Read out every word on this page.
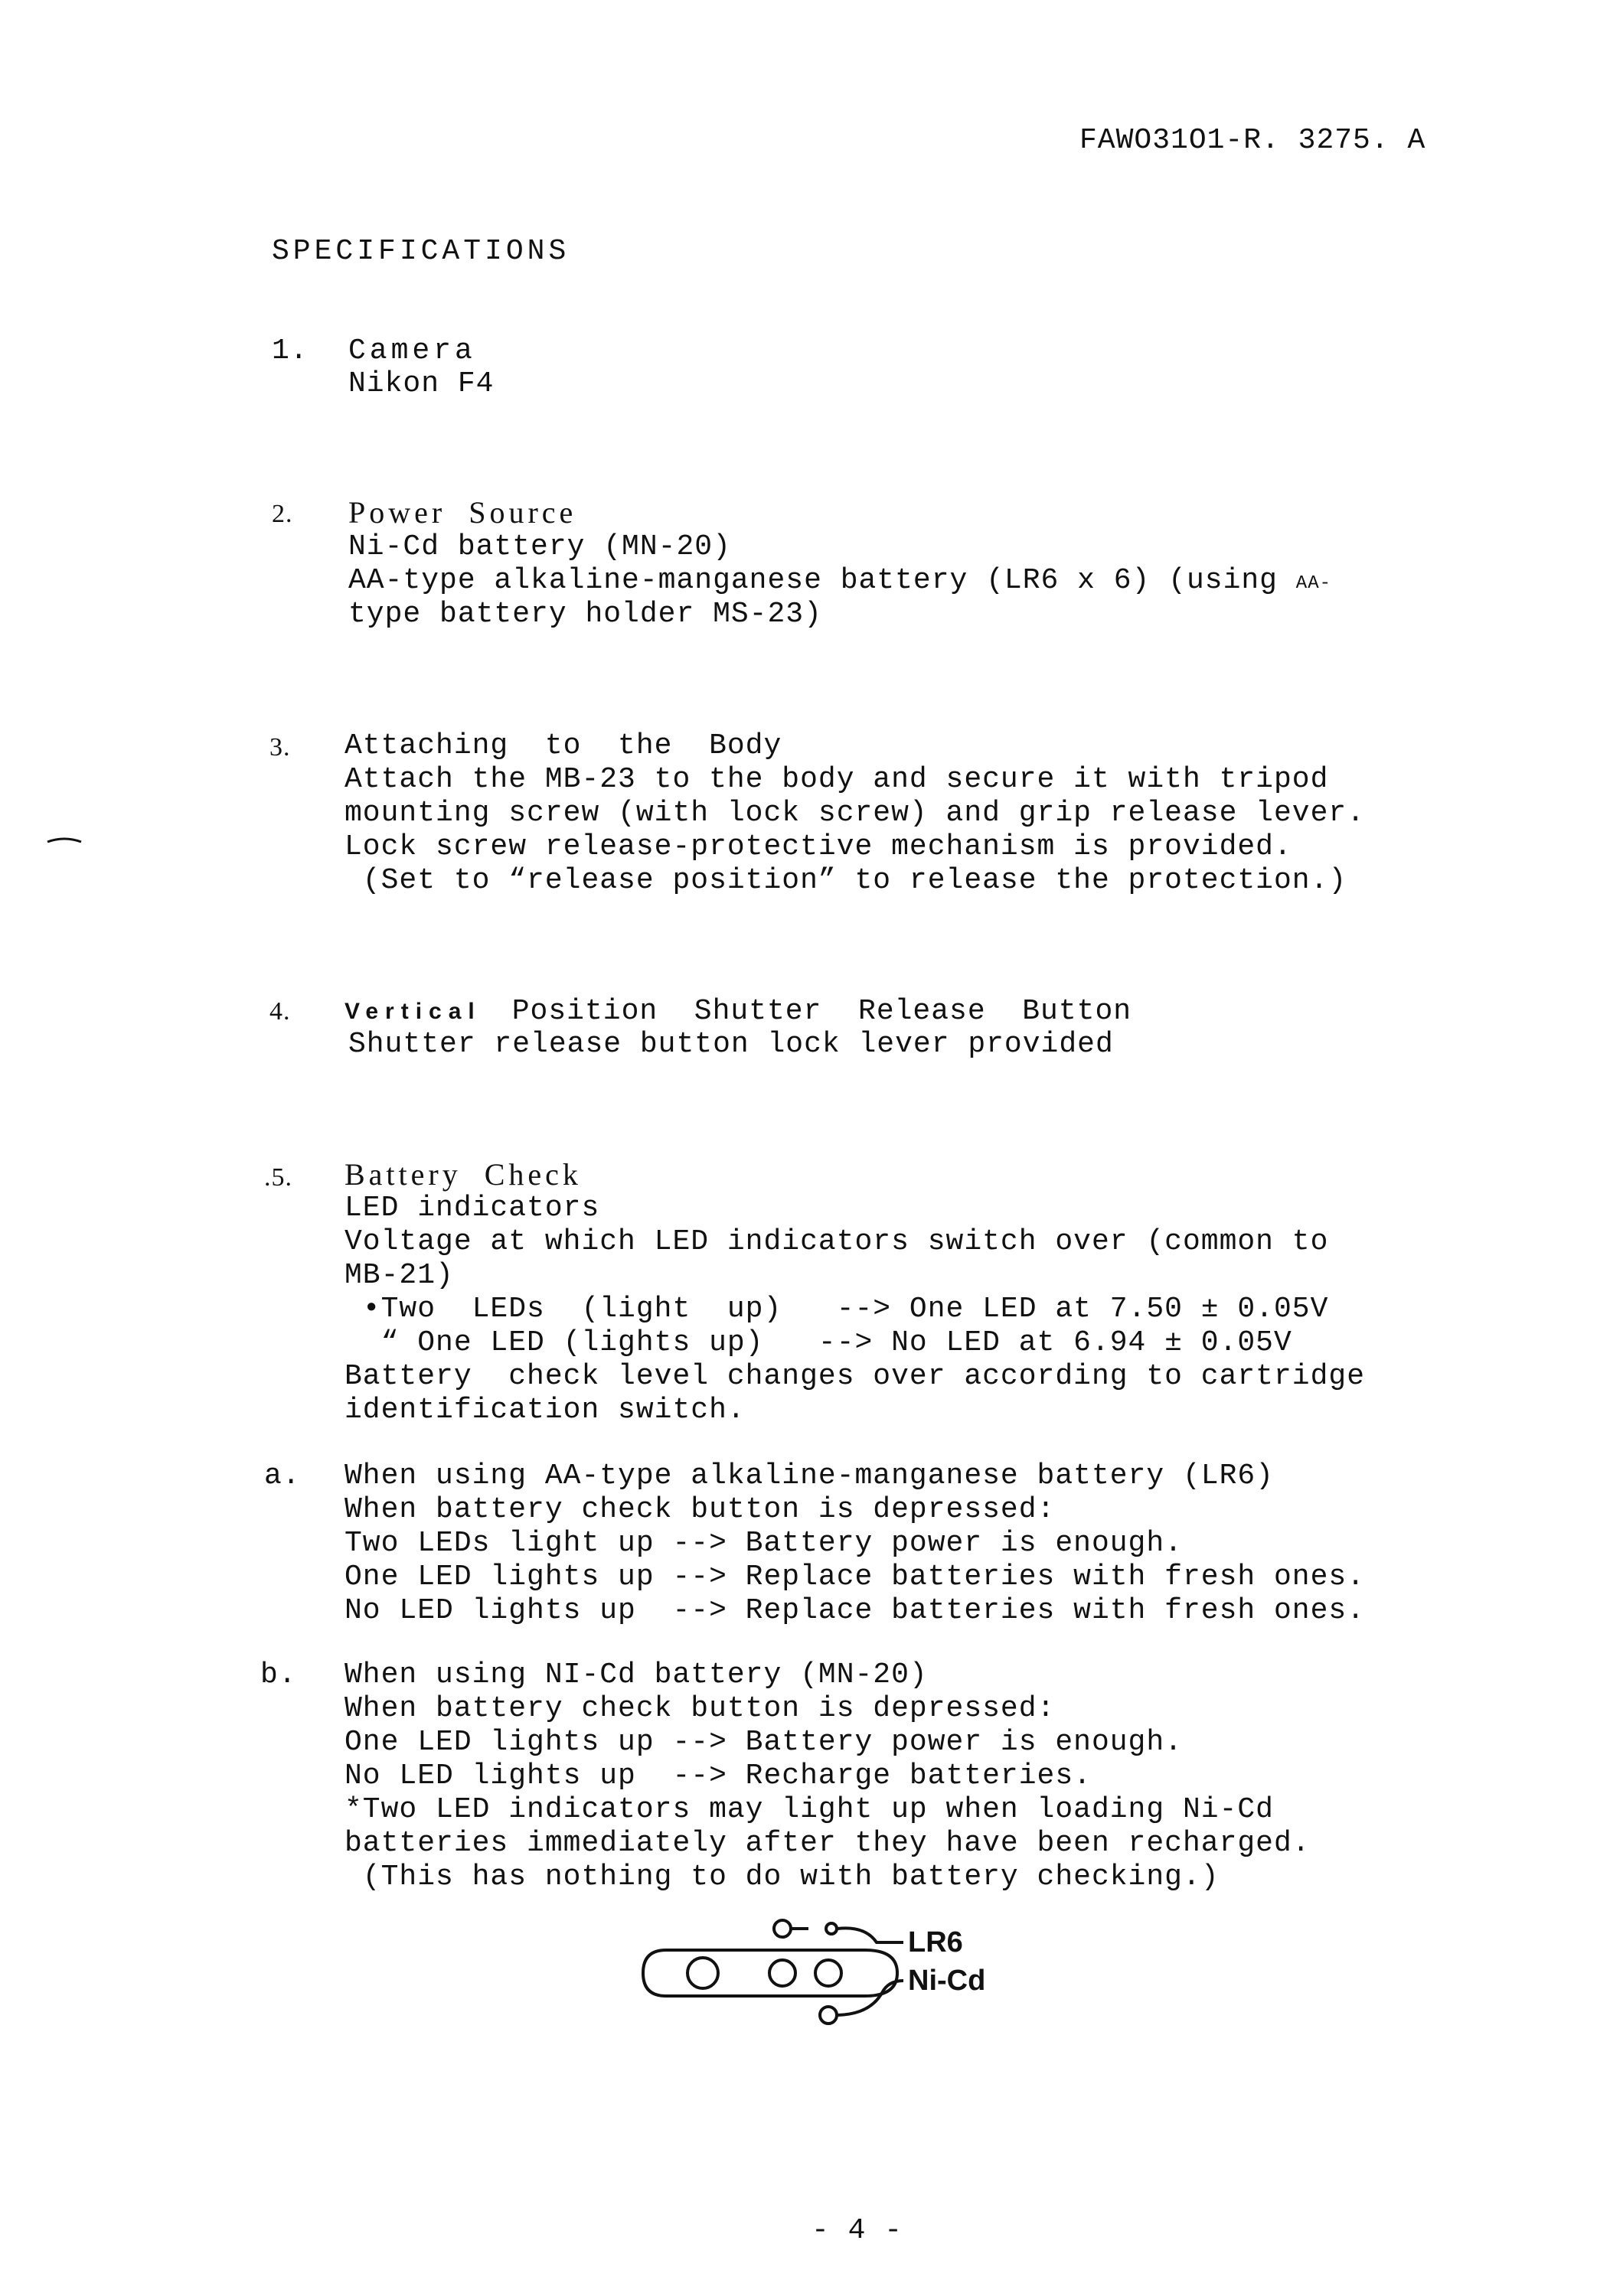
FAWO31O1-R. 3275. A
SPECIFICATIONS
1. Camera
Nikon F4
2. Power  Source
Ni-Cd battery (MN-20)
AA-type alkaline-manganese battery (LR6 x 6) (using AA-
type battery holder MS-23)
3. Attaching  to  the  Body
Attach the MB-23 to the body and secure it with tripod
mounting screw (with lock screw) and grip release lever.
Lock screw release-protective mechanism is provided.
(Set to “release position” to release the protection.)
4. Vertical Position  Shutter  Release  Button
Shutter release button lock lever provided
.5. Battery  Check
LED indicators
Voltage at which LED indicators switch over (common to
MB-21)
•Two  LEDs  (light  up)   --> One LED at 7.50 ± 0.05V
“ One LED (lights up)   --> No LED at 6.94 ± 0.05V
Battery  check level changes over according to cartridge
identification switch.
a. When using AA-type alkaline-manganese battery (LR6)
When battery check button is depressed:
Two LEDs light up --> Battery power is enough.
One LED lights up --> Replace batteries with fresh ones.
No LED lights up  --> Replace batteries with fresh ones.
b. When using NI-Cd battery (MN-20)
When battery check button is depressed:
One LED lights up --> Battery power is enough.
No LED lights up  --> Recharge batteries.
*Two LED indicators may light up when loading Ni-Cd
batteries immediately after they have been recharged.
(This has nothing to do with battery checking.)
LR6
Ni-Cd
- 4 -
